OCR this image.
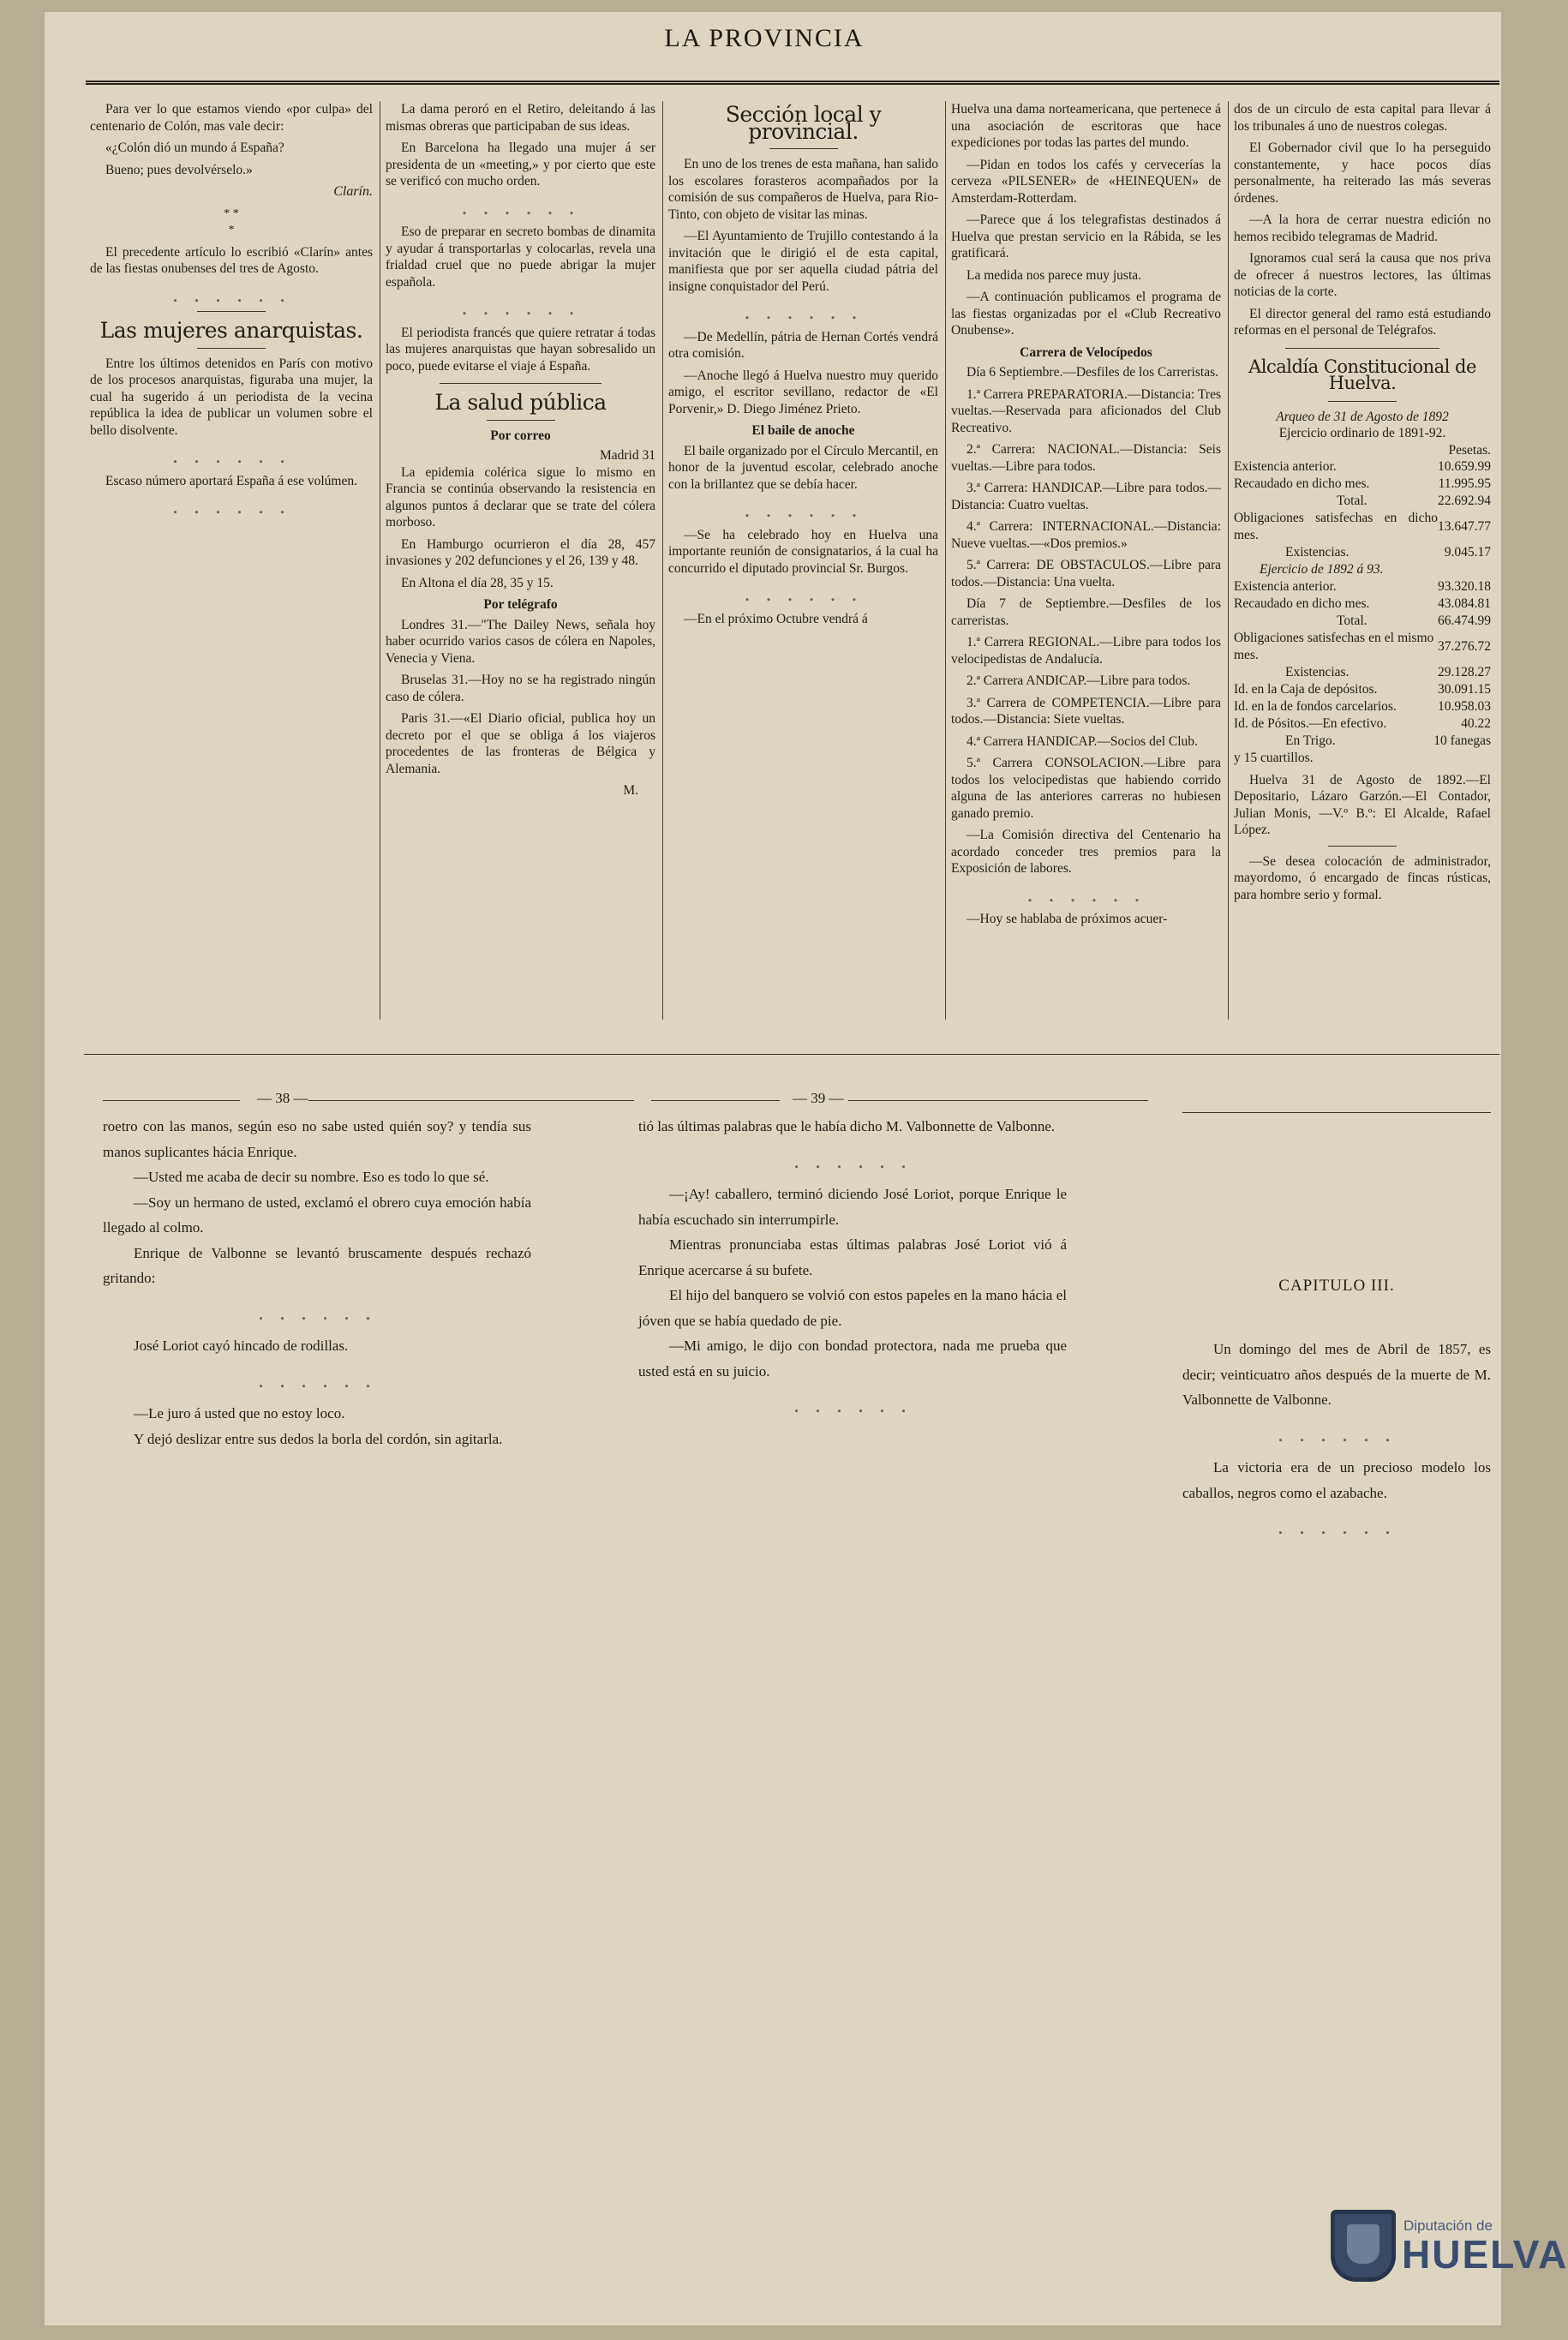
LA PROVINCIA

Para ver lo que estamos viendo «por culpa» del centenario de Colón, mas vale decir:

«¿Colón dió un mundo á España?

Bueno; pues devolvérselo.»

Clarín.
* *
*

El precedente artículo lo escribió «Clarín» antes de las fiestas onubenses del tres de Agosto.

. . . . . .
Las mujeres anarquistas.

Entre los últimos detenidos en París con motivo de los procesos anarquistas, figuraba una mujer, la cual ha sugerido á un periodista de la vecina república la idea de publicar un volumen sobre el bello disolvente.

. . . . . .

Escaso número aportará España á ese volúmen.

. . . . . .

La dama peroró en el Retiro, deleitando á las mismas obreras que participaban de sus ideas.

En Barcelona ha llegado una mujer á ser presidenta de un «meeting,» y por cierto que este se verificó con mucho orden.

. . . . . .

Eso de preparar en secreto bombas de dinamita y ayudar á transportarlas y colocarlas, revela una frialdad cruel que no puede abrigar la mujer española.

. . . . . .

El periodista francés que quiere retratar á todas las mujeres anarquistas que hayan sobresalido un poco, puede evitarse el viaje á España.

La salud pública
Por correo
Madrid 31

La epidemia colérica sigue lo mismo en Francia se continúa observando la resistencia en algunos puntos á declarar que se trate del cólera morboso.

En Hamburgo ocurrieron el día 28, 457 invasiones y 202 defunciones y el 26, 139 y 48.

En Altona el día 28, 35 y 15.

Por telégrafo

Londres 31.—"The Dailey News, señala hoy haber ocurrido varios casos de cólera en Napoles, Venecia y Viena.

Bruselas 31.—Hoy no se ha registrado ningún caso de cólera.

Paris 31.—«El Diario oficial, publica hoy un decreto por el que se obliga á los viajeros procedentes de las fronteras de Bélgica y Alemania.

M.
Sección local y provincial.

En uno de los trenes de esta mañana, han salido los escolares forasteros acompañados por la comisión de sus compañeros de Huelva, para Rio-Tinto, con objeto de visitar las minas.

—El Ayuntamiento de Trujillo contestando á la invitación que le dirigió el de esta capital, manifiesta que por ser aquella ciudad pátria del insigne conquistador del Perú.

. . . . . .

—De Medellín, pátria de Hernan Cortés vendrá otra comisión.

—Anoche llegó á Huelva nuestro muy querido amigo, el escritor sevillano, redactor de «El Porvenir,» D. Diego Jiménez Prieto.

El baile de anoche

El baile organizado por el Círculo Mercantil, en honor de la juventud escolar, celebrado anoche con la brillantez que se debía hacer.

. . . . . .

—Se ha celebrado hoy en Huelva una importante reunión de consignatarios, á la cual ha concurrido el diputado provincial Sr. Burgos.

. . . . . .

—En el próximo Octubre vendrá á

Huelva una dama norteamericana, que pertenece á una asociación de escritoras que hace expediciones por todas las partes del mundo.

—Pidan en todos los cafés y cervecerías la cerveza «PILSENER» de «HEINEQUEN» de Amsterdam-Rotterdam.

—Parece que á los telegrafistas destinados á Huelva que prestan servicio en la Rábida, se les gratificará.

La medida nos parece muy justa.

—A continuación publicamos el programa de las fiestas organizadas por el «Club Recreativo Onubense».

Carrera de Velocípedos

Día 6 Septiembre.—Desfiles de los Carreristas.

1.ª Carrera PREPARATORIA.—Distancia: Tres vueltas.—Reservada para aficionados del Club Recreativo.

2.ª Carrera: NACIONAL.—Distancia: Seis vueltas.—Libre para todos.

3.ª Carrera: HANDICAP.—Libre para todos.—Distancia: Cuatro vueltas.

4.ª Carrera: INTERNACIONAL.—Distancia: Nueve vueltas.—«Dos premios.»

5.ª Carrera: DE OBSTACULOS.—Libre para todos.—Distancia: Una vuelta.

Día 7 de Septiembre.—Desfiles de los carreristas.

1.ª Carrera REGIONAL.—Libre para todos los velocipedistas de Andalucía.

2.ª Carrera ANDICAP.—Libre para todos.

3.ª Carrera de COMPETENCIA.—Libre para todos.—Distancia: Siete vueltas.

4.ª Carrera HANDICAP.—Socios del Club.

5.ª Carrera CONSOLACION.—Libre para todos los velocipedistas que habiendo corrido alguna de las anteriores carreras no hubiesen ganado premio.

—La Comisión directiva del Centenario ha acordado conceder tres premios para la Exposición de labores.

. . . . . .

—Hoy se hablaba de próximos acuer-

dos de un circulo de esta capital para llevar á los tribunales á uno de nuestros colegas.

El Gobernador civil que lo ha perseguido constantemente, y hace pocos días personalmente, ha reiterado las más severas órdenes.

—A la hora de cerrar nuestra edición no hemos recibido telegramas de Madrid.

Ignoramos cual será la causa que nos priva de ofrecer á nuestros lectores, las últimas noticias de la corte.

El director general del ramo está estudiando reformas en el personal de Telégrafos.

Alcaldía Constitucional de Huelva.
Arqueo de 31 de Agosto de 1892
Ejercicio ordinario de 1891-92.
Pesetas.
Existencia anterior.	10.659.99
Recaudado en dicho mes.	11.995.95
Total.	22.692.94
Obligaciones satisfechas en dicho mes.	13.647.77
Existencias.	9.045.17
Ejercicio de 1892 á 93.
Existencia anterior.	93.320.18
Recaudado en dicho mes.	43.084.81
Total.	66.474.99
Obligaciones satisfechas en el mismo mes.	37.276.72
Existencias.	29.128.27
Id. en la Caja de depósitos.	30.091.15
Id. en la de fondos carcelarios.	10.958.03
Id. de Pósitos.—En efectivo.	40.22
En Trigo.	10 fanegas
y 15 cuartillos.	

Huelva 31 de Agosto de 1892.—El Depositario, Lázaro Garzón.—El Contador, Julian Monis, —V.º B.º: El Alcalde, Rafael López.

—Se desea colocación de administrador, mayordomo, ó encargado de fincas rústicas, para hombre serio y formal.

— 38 —	— 39 —

roetro con las manos, según eso no sabe usted quién soy? y tendía sus manos suplicantes hácia Enrique.

—Usted me acaba de decir su nombre. Eso es todo lo que sé.

—Soy un hermano de usted, exclamó el obrero cuya emoción había llegado al colmo.

Enrique de Valbonne se levantó bruscamente después rechazó gritando:

. . . . . .

José Loriot cayó hincado de rodillas.

. . . . . .

—Le juro á usted que no estoy loco.

Y dejó deslizar entre sus dedos la borla del cordón, sin agitarla.

tió las últimas palabras que le había dicho M. Valbonnette de Valbonne.

. . . . . .

—¡Ay! caballero, terminó diciendo José Loriot, porque Enrique le había escuchado sin interrumpirle.

Mientras pronunciaba estas últimas palabras José Loriot vió á Enrique acercarse á su bufete.

El hijo del banquero se volvió con estos papeles en la mano hácia el jóven que se había quedado de pie.

—Mi amigo, le dijo con bondad protectora, nada me prueba que usted está en su juicio.

. . . . . .
CAPITULO III.

Un domingo del mes de Abril de 1857, es decir; veinticuatro años después de la muerte de M. Valbonnette de Valbonne.

. . . . . .

La victoria era de un precioso modelo los caballos, negros como el azabache.

. . . . . .
Diputación de
HUELVA
